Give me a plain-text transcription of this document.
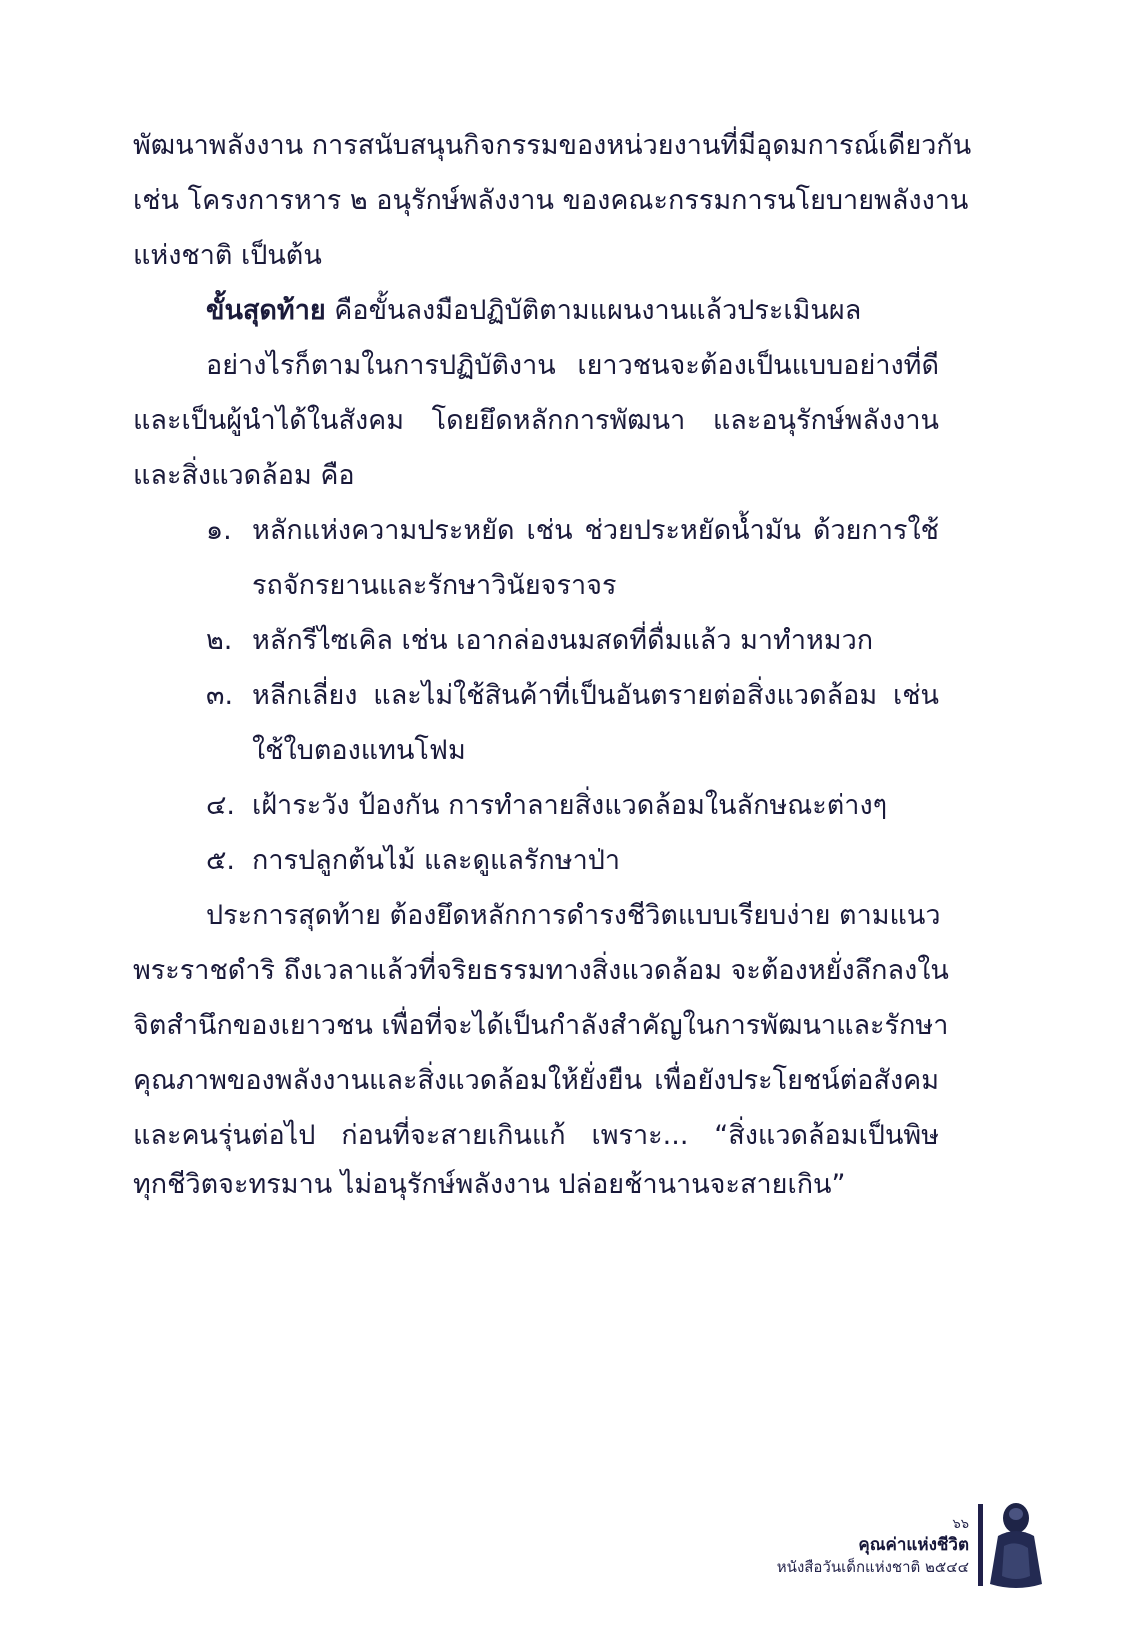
พัฒนาพลังงาน การสนับสนุนกิจกรรมของหน่วยงานที่มีอุดมการณ์เดียวกัน
เช่น โครงการหาร ๒ อนุรักษ์พลังงาน ของคณะกรรมการนโยบายพลังงาน
แห่งชาติ เป็นต้น
ขั้นสุดท้าย คือขั้นลงมือปฏิบัติตามแผนงานแล้วประเมินผล
อย่างไรก็ตามในการปฏิบัติงาน เยาวชนจะต้องเป็นแบบอย่างที่ดี
และเป็นผู้นำได้ในสังคม โดยยึดหลักการพัฒนา และอนุรักษ์พลังงาน
และสิ่งแวดล้อม คือ
๑. หลักแห่งความประหยัด เช่น ช่วยประหยัดน้ำมัน ด้วยการใช้
รถจักรยานและรักษาวินัยจราจร
๒. หลักรีไซเคิล เช่น เอากล่องนมสดที่ดื่มแล้ว มาทำหมวก
๓. หลีกเลี่ยง และไม่ใช้สินค้าที่เป็นอันตรายต่อสิ่งแวดล้อม เช่น
ใช้ใบตองแทนโฟม
๔. เฝ้าระวัง ป้องกัน การทำลายสิ่งแวดล้อมในลักษณะต่างๆ
๕. การปลูกต้นไม้ และดูแลรักษาป่า
ประการสุดท้าย ต้องยึดหลักการดำรงชีวิตแบบเรียบง่าย ตามแนว
พระราชดำริ ถึงเวลาแล้วที่จริยธรรมทางสิ่งแวดล้อม จะต้องหยั่งลึกลงใน
จิตสำนึกของเยาวชน เพื่อที่จะได้เป็นกำลังสำคัญในการพัฒนาและรักษา
คุณภาพของพลังงานและสิ่งแวดล้อมให้ยั่งยืน เพื่อยังประโยชน์ต่อสังคม
และคนรุ่นต่อไป ก่อนที่จะสายเกินแก้ เพราะ... “สิ่งแวดล้อมเป็นพิษ
ทุกชีวิตจะทรมาน ไม่อนุรักษ์พลังงาน ปล่อยช้านานจะสายเกิน”
๖๖
คุณค่าแห่งชีวิต
หนังสือวันเด็กแห่งชาติ ๒๕๔๔
